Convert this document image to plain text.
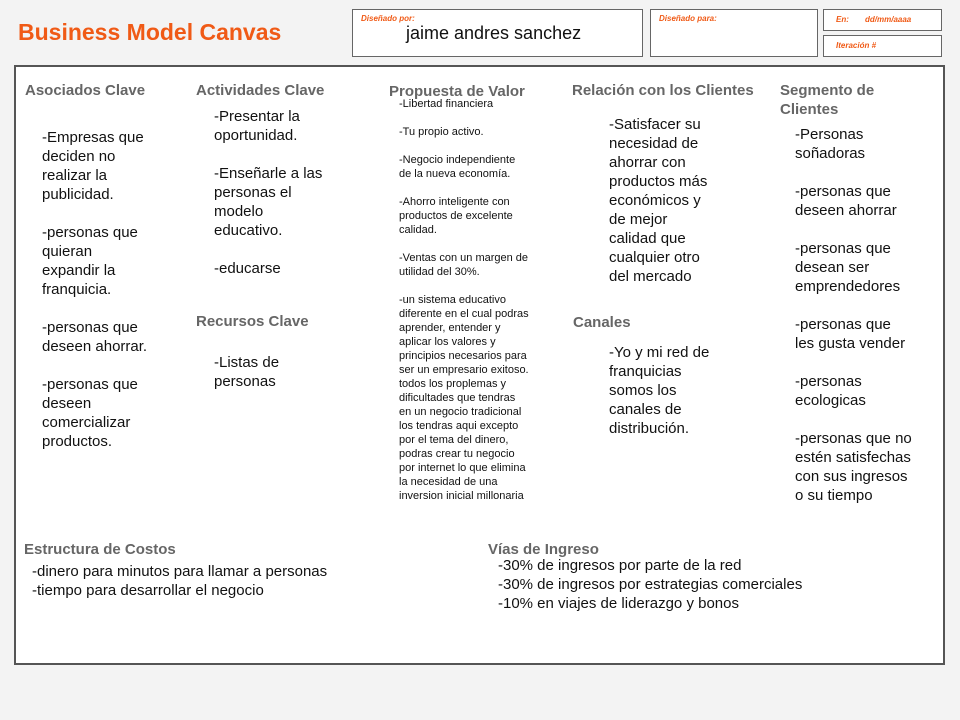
Business Model Canvas
Diseñado por:
jaime andres sanchez
Diseñado para:	En: dd/mm/aaaa
Iteración #
Asociados Clave
-Empresas que
deciden no
realizar la
publicidad.

-personas que
quieran
expandir la
franquicia.

-personas que
deseen ahorrar.

-personas que
deseen
comercializar
productos.
Actividades Clave
-Presentar la
oportunidad.

-Enseñarle a las
personas el
modelo
educativo.

-educarse
Recursos Clave
-Listas de
personas
Propuesta de Valor
-Libertad financiera

-Tu propio activo.

-Negocio independiente
de la nueva economía.

-Ahorro inteligente con
productos de excelente
calidad.

-Ventas con un margen de
utilidad del 30%.

-un sistema educativo
diferente en el cual podras
aprender, entender y
aplicar los valores y
principios necesarios para
ser un empresario exitoso.
todos los proplemas y
dificultades que tendras
en un negocio tradicional
los tendras aqui excepto
por el tema del dinero,
podras crear tu negocio
por internet lo que elimina
la necesidad de una
inversion inicial millonaria
Relación con los Clientes
-Satisfacer su
necesidad de
ahorrar con
productos más
económicos y
de mejor
calidad que
cualquier otro
del mercado
Canales
-Yo y mi red de
franquicias
somos los
canales de
distribución.
Segmento de
Clientes
-Personas
soñadoras

-personas que
deseen ahorrar

-personas que
desean ser
emprendedores

-personas que
les gusta vender

-personas
ecologicas

-personas que no
estén satisfechas
con sus ingresos
o su tiempo
Estructura de Costos
-dinero para minutos para llamar a personas
-tiempo para desarrollar el negocio
Vías de Ingreso
-30% de ingresos por parte de la red
-30% de ingresos por estrategias comerciales
-10% en viajes de liderazgo y bonos
